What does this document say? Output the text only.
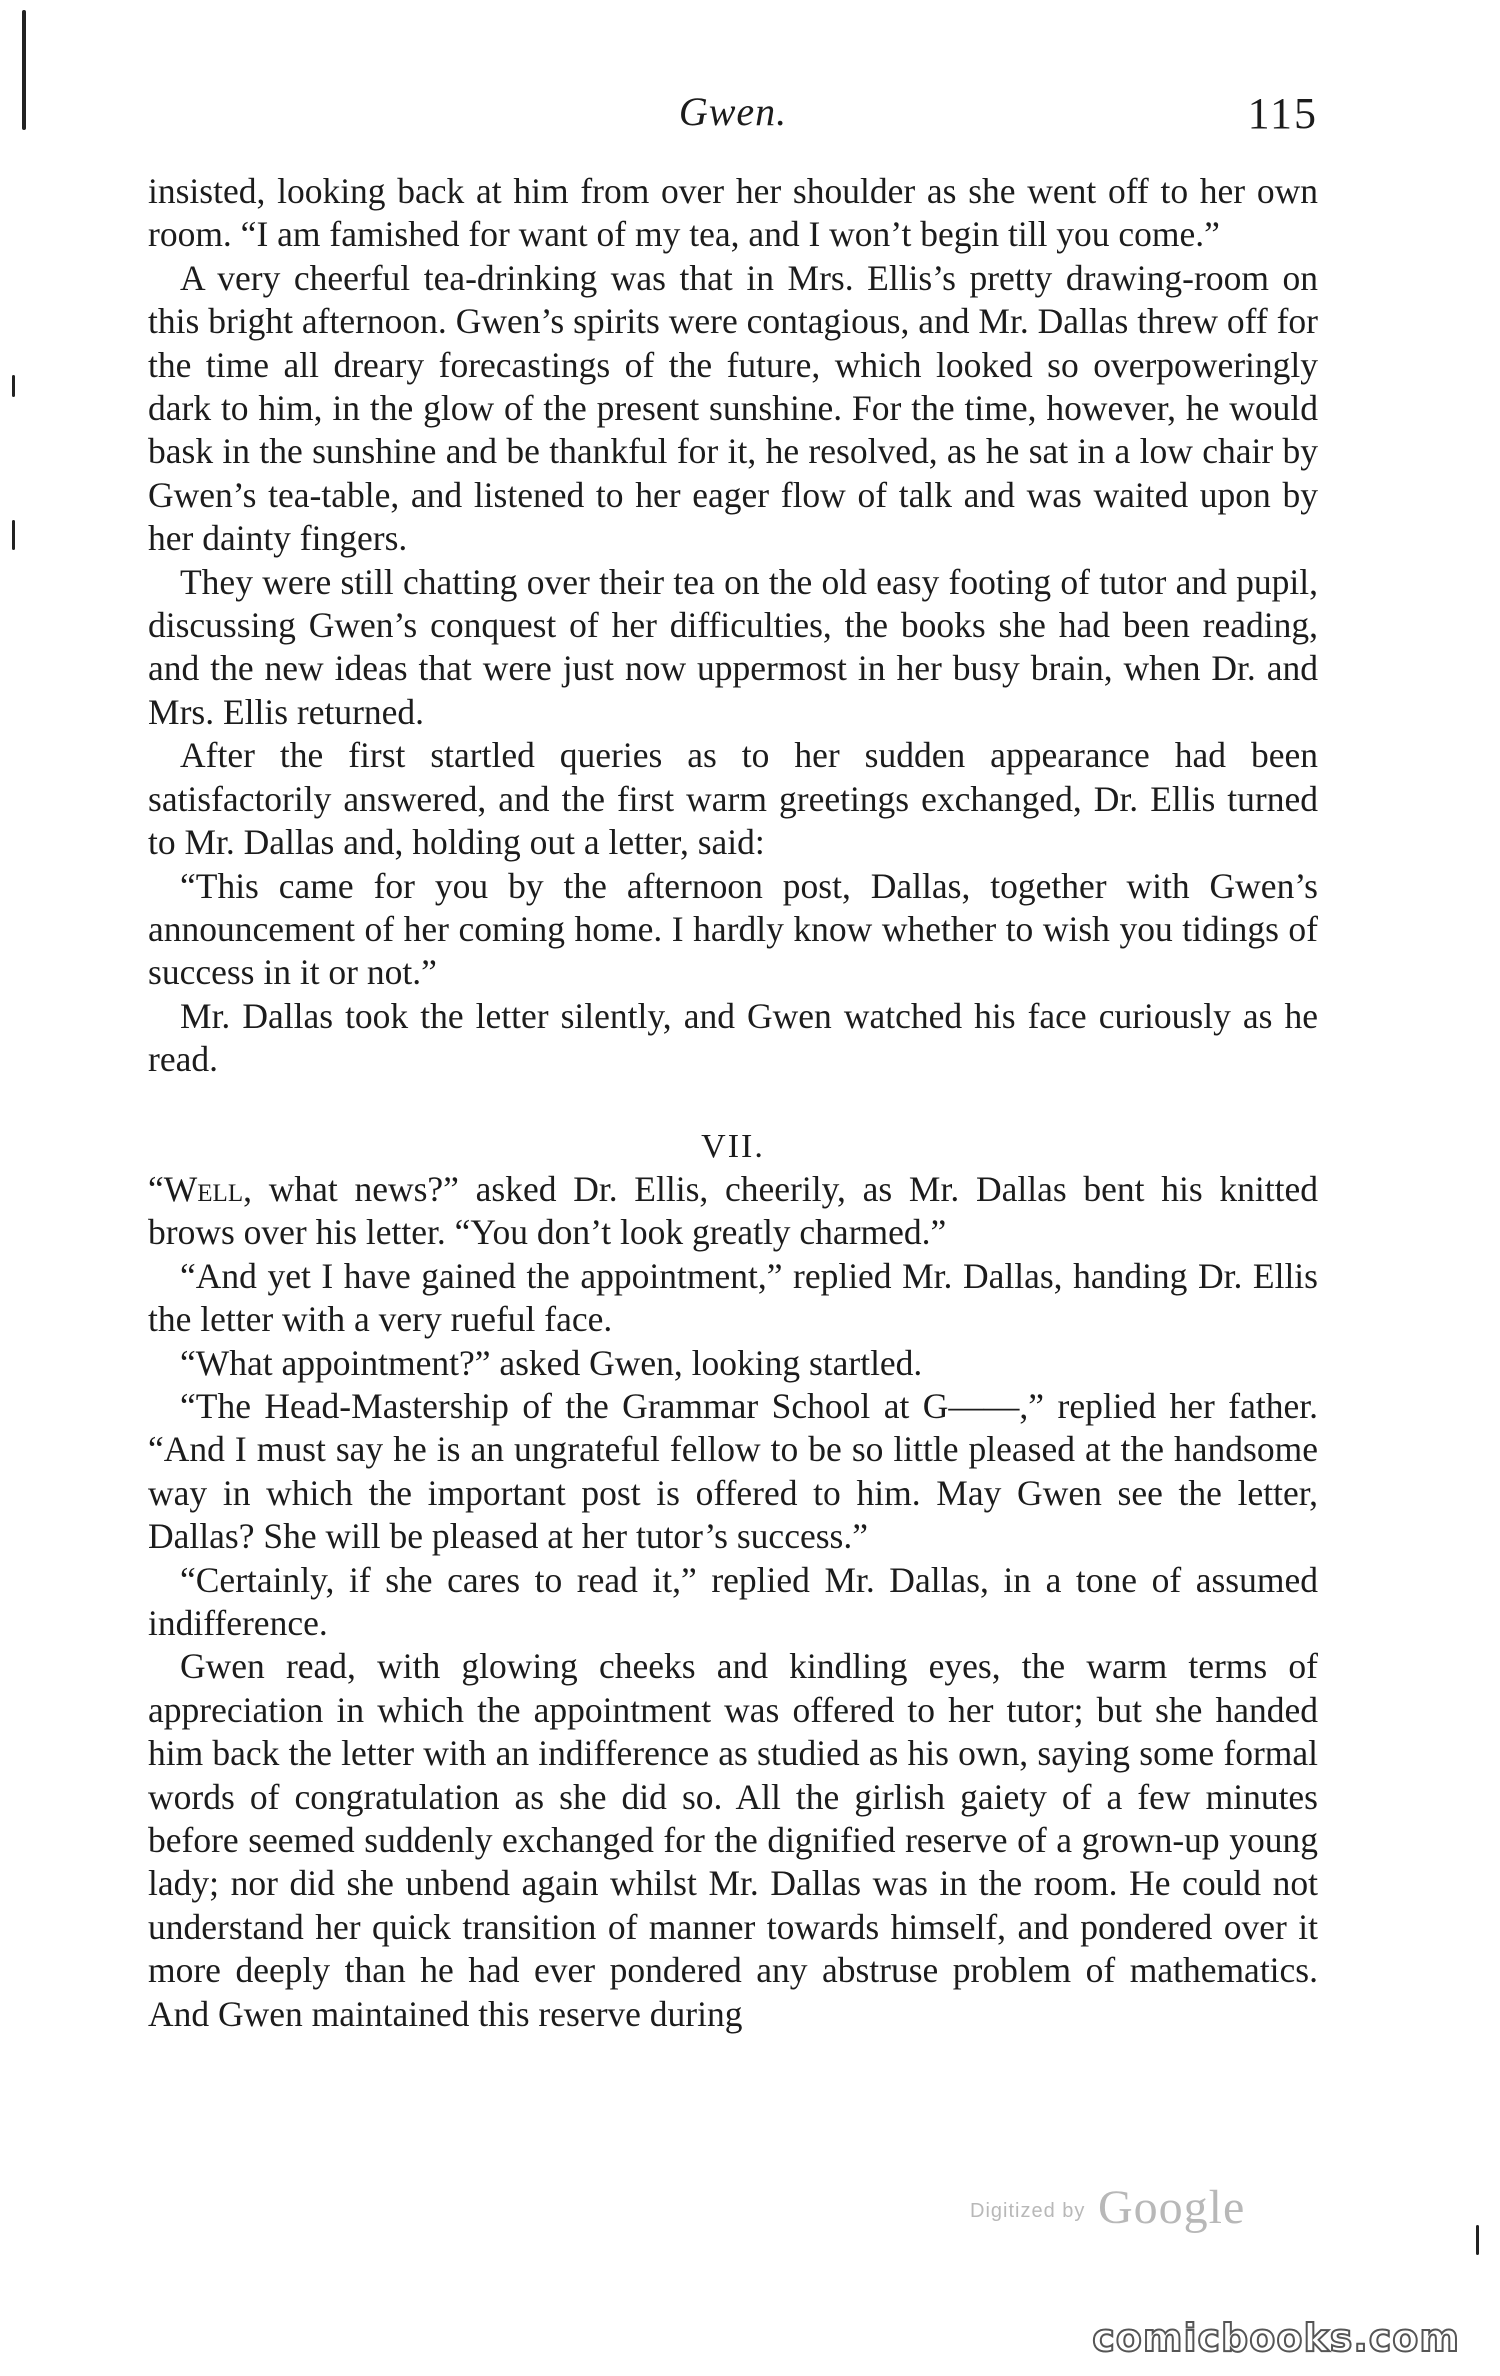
Gwen.	115

insisted, looking back at him from over her shoulder as she went off to her own room. “I am famished for want of my tea, and I won’t begin till you come.”

A very cheerful tea-drinking was that in Mrs. Ellis’s pretty drawing-room on this bright afternoon. Gwen’s spirits were contagious, and Mr. Dallas threw off for the time all dreary forecastings of the future, which looked so overpoweringly dark to him, in the glow of the present sunshine. For the time, however, he would bask in the sunshine and be thankful for it, he resolved, as he sat in a low chair by Gwen’s tea-table, and listened to her eager flow of talk and was waited upon by her dainty fingers.

They were still chatting over their tea on the old easy footing of tutor and pupil, discussing Gwen’s conquest of her difficulties, the books she had been reading, and the new ideas that were just now uppermost in her busy brain, when Dr. and Mrs. Ellis returned.

After the first startled queries as to her sudden appearance had been satisfactorily answered, and the first warm greetings exchanged, Dr. Ellis turned to Mr. Dallas and, holding out a letter, said:

“This came for you by the afternoon post, Dallas, together with Gwen’s announcement of her coming home. I hardly know whether to wish you tidings of success in it or not.”

Mr. Dallas took the letter silently, and Gwen watched his face curiously as he read.

VII.

“Well, what news?” asked Dr. Ellis, cheerily, as Mr. Dallas bent his knitted brows over his letter. “You don’t look greatly charmed.”

“And yet I have gained the appointment,” replied Mr. Dallas, handing Dr. Ellis the letter with a very rueful face.

“What appointment?” asked Gwen, looking startled.

“The Head-Mastership of the Grammar School at G——,” replied her father. “And I must say he is an ungrateful fellow to be so little pleased at the handsome way in which the important post is offered to him. May Gwen see the letter, Dallas? She will be pleased at her tutor’s success.”

“Certainly, if she cares to read it,” replied Mr. Dallas, in a tone of assumed indifference.

Gwen read, with glowing cheeks and kindling eyes, the warm terms of appreciation in which the appointment was offered to her tutor; but she handed him back the letter with an indifference as studied as his own, saying some formal words of congratulation as she did so. All the girlish gaiety of a few minutes before seemed suddenly exchanged for the dignified reserve of a grown-up young lady; nor did she unbend again whilst Mr. Dallas was in the room. He could not understand her quick transition of manner towards himself, and pondered over it more deeply than he had ever pondered any abstruse problem of mathematics. And Gwen maintained this reserve during

Digitized by Google
comicbooks.com
